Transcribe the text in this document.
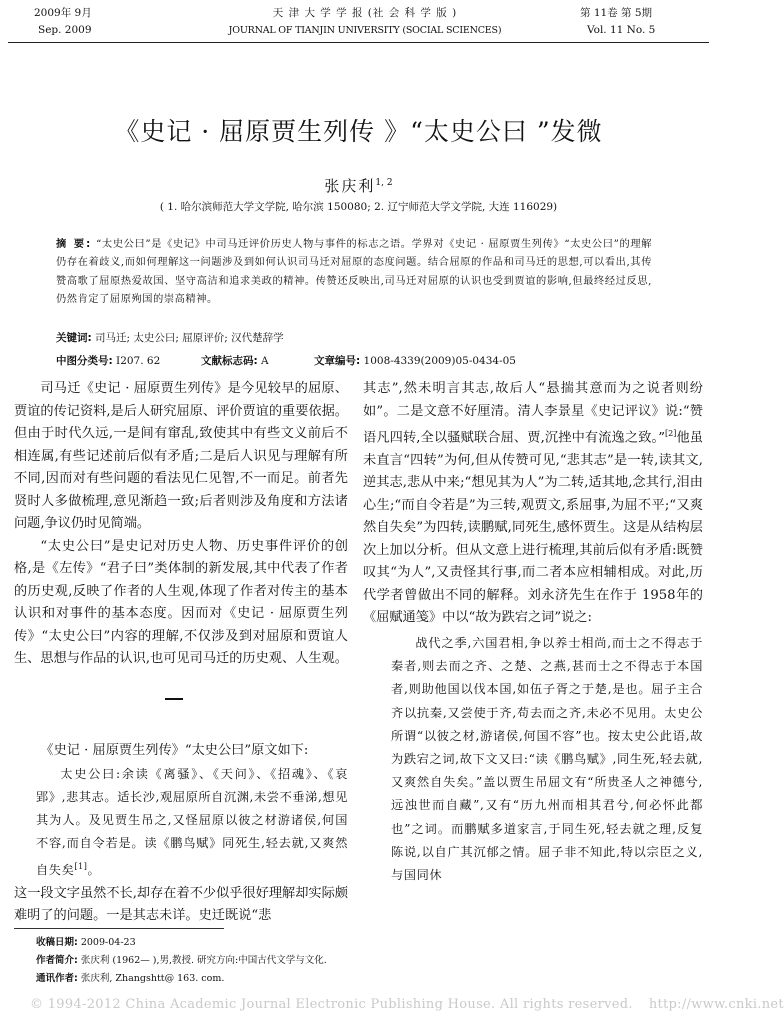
2009年 9月
Sep. 2009
天 津 大 学 学 报 (社 会 科 学 版 )
JOURNAL OF TIANJIN UNIVERSITY (SOCIAL SCIENCES)
第 11卷 第 5期
Vol. 11 No. 5
《史记 · 屈原贾生列传 》“太史公曰 ”发微
张庆利$^{1, 2}$
( 1. 哈尔滨师范大学文学院, 哈尔滨 150080; 2. 辽宁师范大学文学院, 大连 116029)
摘 要: “太史公曰”是《史记》中司马迁评价历史人物与事件的标志之语。学界对《史记 · 屈原贾生列传》“太史公曰”的理解仍存在着歧义,而如何理解这一问题涉及到如何认识司马迁对屈原的态度问题。结合屈原的作品和司马迁的思想,可以看出,其传赞高歌了屈原热爱故国、坚守高洁和追求美政的精神。传赞还反映出,司马迁对屈原的认识也受到贾谊的影响,但最终经过反思,仍然肯定了屈原殉国的崇高精神。
关键词: 司马迁; 太史公曰; 屈原评价; 汉代楚辞学
中图分类号: I207. 62	文献标志码: A	文章编号: 1008-4339(2009)05-0434-05

司马迁《史记 · 屈原贾生列传》是今见较早的屈原、贾谊的传记资料,是后人研究屈原、评价贾谊的重要依据。但由于时代久远,一是间有窜乱,致使其中有些文义前后不相连属,有些记述前后似有矛盾;二是后人识见与理解有所不同,因而对有些问题的看法见仁见智,不一而足。前者先贤时人多做梳理,意见渐趋一致;后者则涉及角度和方法诸问题,争议仍时见简端。

“太史公曰”是史记对历史人物、历史事件评价的创格,是《左传》“君子曰”类体制的新发展,其中代表了作者的历史观,反映了作者的人生观,体现了作者对传主的基本认识和对事件的基本态度。因而对《史记 · 屈原贾生列传》“太史公曰”内容的理解,不仅涉及到对屈原和贾谊人生、思想与作品的认识,也可见司马迁的历史观、人生观。

《史记 · 屈原贾生列传》“太史公曰”原文如下:

太史公曰:余读《离骚》、《天问》、《招魂》、《哀郢》,悲其志。适长沙,观屈原所自沉渊,未尝不垂涕,想见其为人。及见贾生吊之,又怪屈原以彼之材游诸侯,何国不容,而自令若是。读《鹏鸟赋》同死生,轻去就,又爽然自失矣[1]。

这一段文字虽然不长,却存在着不少似乎很好理解却实际颇难明了的问题。一是其志未详。史迁既说“悲

其志”,然未明言其志,故后人“悬揣其意而为之说者则纷如”。二是文意不好厘清。清人李景星《史记评议》说:“赞语凡四转,全以骚赋联合屈、贾,沉挫中有流逸之致。”[2]他虽未直言“四转”为何,但从传赞可见,“悲其志”是一转,读其文,逆其志,悲从中来;“想见其为人”为二转,适其地,念其行,泪由心生;“而自令若是”为三转,观贾文,系屈事,为屈不平;“又爽然自失矣”为四转,读鹏赋,同死生,感怀贾生。这是从结构层次上加以分析。但从文意上进行梳理,其前后似有矛盾:既赞叹其“为人”,又责怪其行事,而二者本应相辅相成。对此,历代学者曾做出不同的解释。刘永济先生在作于 1958年的《屈赋通笺》中以“故为跌宕之词”说之:

战代之季,六国君相,争以养士相尚,而士之不得志于秦者,则去而之齐、之楚、之燕,甚而士之不得志于本国者,则助他国以伐本国,如伍子胥之于楚,是也。屈子主合齐以抗秦,又尝使于齐,苟去而之齐,未必不见用。太史公所谓“以彼之材,游诸侯,何国不容”也。按太史公此语,故为跌宕之词,故下文又曰:“读《鹏鸟赋》,同生死,轻去就,又爽然自失矣。”盖以贾生吊屈文有“所贵圣人之神德兮,远浊世而自藏”,又有“历九州而相其君兮,何必怀此都也”之词。而鹏赋多道家言,于同生死,轻去就之理,反复陈说,以自广其沉郁之情。屈子非不知此,特以宗臣之义,与国同休

收稿日期: 2009-04-23
作者简介: 张庆利 (1962— ),男,教授. 研究方向:中国古代文学与文化.
通讯作者: 张庆利, Zhangshtt@ 163. com.
© 1994-2012 China Academic Journal Electronic Publishing House. All rights reserved. http://www.cnki.net
